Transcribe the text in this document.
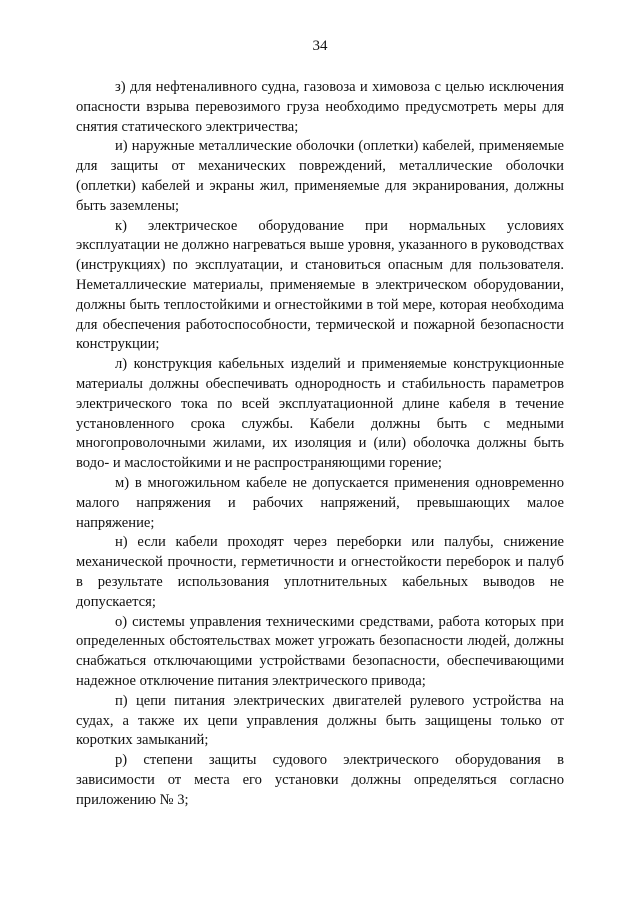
34

з) для нефтеналивного судна, газовоза и химовоза с целью исключения опасности взрыва перевозимого груза необходимо предусмотреть меры для снятия статического электричества;

и) наружные металлические оболочки (оплетки) кабелей, применяемые для защиты от механических повреждений, металлические оболочки (оплетки) кабелей и экраны жил, применяемые для экранирования, должны быть заземлены;

к) электрическое оборудование при нормальных условиях эксплуатации не должно нагреваться выше уровня, указанного в руководствах (инструкциях) по эксплуатации, и становиться опасным для пользователя. Неметаллические материалы, применяемые в электрическом оборудовании, должны быть теплостойкими и огнестойкими в той мере, которая необходима для обеспечения работоспособности, термической и пожарной безопасности конструкции;

л) конструкция кабельных изделий и применяемые конструкционные материалы должны обеспечивать однородность и стабильность параметров электрического тока по всей эксплуатационной длине кабеля в течение установленного срока службы. Кабели должны быть с медными многопроволочными жилами, их изоляция и (или) оболочка должны быть водо- и маслостойкими и не распространяющими горение;

м) в многожильном кабеле не допускается применения одновременно малого напряжения и рабочих напряжений, превышающих малое напряжение;

н) если кабели проходят через переборки или палубы, снижение механической прочности, герметичности и огнестойкости переборок и палуб в результате использования уплотнительных кабельных выводов не допускается;

о) системы управления техническими средствами, работа которых при определенных обстоятельствах может угрожать безопасности людей, должны снабжаться отключающими устройствами безопасности, обеспечивающими надежное отключение питания электрического привода;

п) цепи питания электрических двигателей рулевого устройства на судах, а также их цепи управления должны быть защищены только от коротких замыканий;

р) степени защиты судового электрического оборудования в зависимости от места его установки должны определяться согласно приложению № 3;
